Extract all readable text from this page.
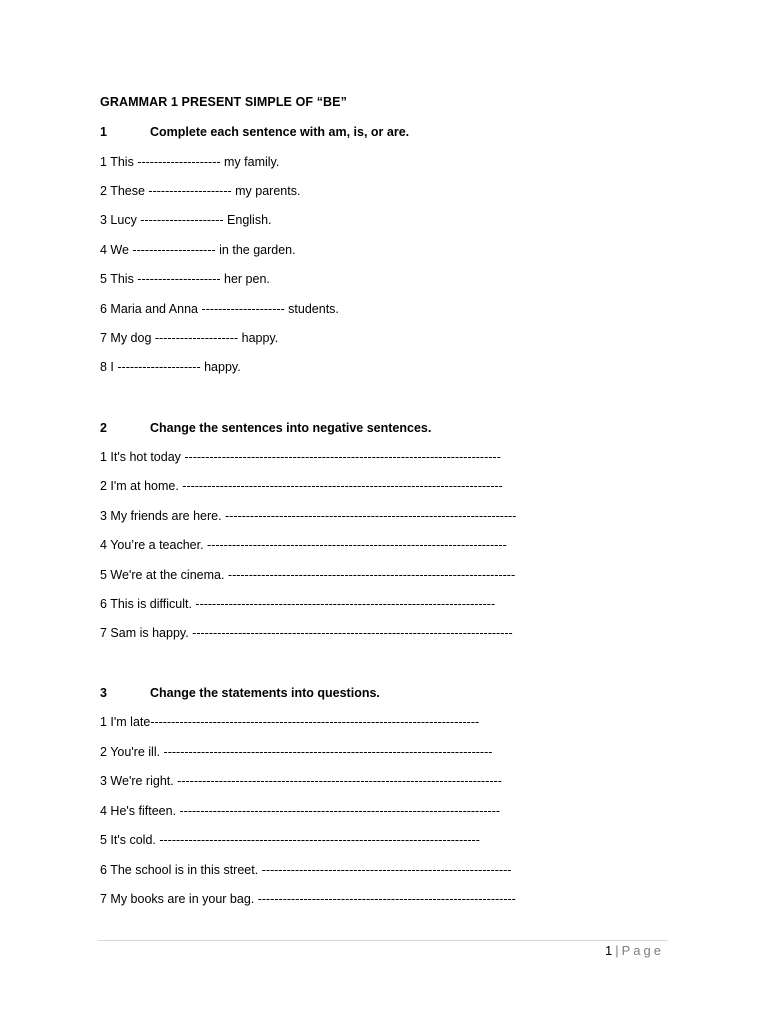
GRAMMAR 1 PRESENT SIMPLE OF “BE”
1	Complete each sentence with am, is, or are.
1 This -------------------- my family.
2 These -------------------- my parents.
3 Lucy -------------------- English.
4 We -------------------- in the garden.
5 This -------------------- her pen.
6 Maria and Anna -------------------- students.
7 My dog -------------------- happy.
8 I -------------------- happy.
2	Change the sentences into negative sentences.
1 It's hot today ----------------------------------------------------------------------------
2 I'm at home. -----------------------------------------------------------------------------
3 My friends are here. ----------------------------------------------------------------------
4 You’re a teacher. ------------------------------------------------------------------------
5 We're at the cinema. ---------------------------------------------------------------------
6 This is difficult. ------------------------------------------------------------------------
7 Sam is happy. -----------------------------------------------------------------------------
3	Change the statements into questions.
1 I'm late-------------------------------------------------------------------------------
2 You're ill. -------------------------------------------------------------------------------
3 We're right. ------------------------------------------------------------------------------
4 He's fifteen. -----------------------------------------------------------------------------
5 It's cold. -----------------------------------------------------------------------------
6 The school is in this street. ------------------------------------------------------------
7 My books are in your bag. --------------------------------------------------------------
1 | Page
